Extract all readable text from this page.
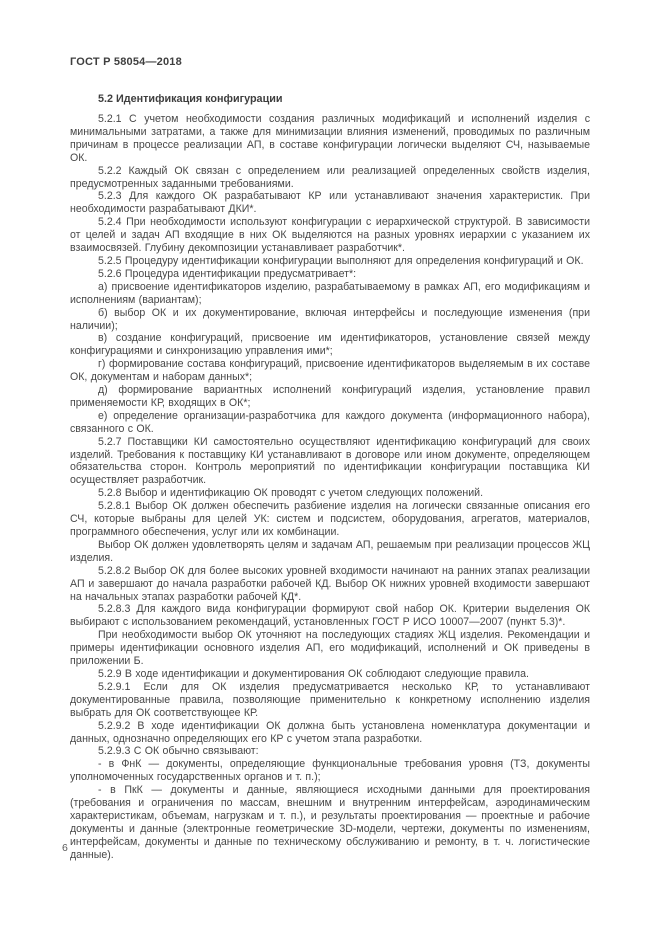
ГОСТ Р 58054—2018
5.2 Идентификация конфигурации

5.2.1 С учетом необходимости создания различных модификаций и исполнений изделия с минимальными затратами, а также для минимизации влияния изменений, проводимых по различным причинам в процессе реализации АП, в составе конфигурации логически выделяют СЧ, называемые ОК.

5.2.2 Каждый ОК связан с определением или реализацией определенных свойств изделия, предусмотренных заданными требованиями.

5.2.3 Для каждого ОК разрабатывают КР или устанавливают значения характеристик. При необходимости разрабатывают ДКИ*.

5.2.4 При необходимости используют конфигурации с иерархической структурой. В зависимости от целей и задач АП входящие в них ОК выделяются на разных уровнях иерархии с указанием их взаимосвязей. Глубину декомпозиции устанавливает разработчик*.

5.2.5 Процедуру идентификации конфигурации выполняют для определения конфигураций и ОК.

5.2.6 Процедура идентификации предусматривает*:

а) присвоение идентификаторов изделию, разрабатываемому в рамках АП, его модификациям и исполнениям (вариантам);

б) выбор ОК и их документирование, включая интерфейсы и последующие изменения (при наличии);

в) создание конфигураций, присвоение им идентификаторов, установление связей между конфигурациями и синхронизацию управления ими*;

г) формирование состава конфигураций, присвоение идентификаторов выделяемым в их составе ОК, документам и наборам данных*;

д) формирование вариантных исполнений конфигураций изделия, установление правил применяемости КР, входящих в ОК*;

е) определение организации-разработчика для каждого документа (информационного набора), связанного с ОК.

5.2.7 Поставщики КИ самостоятельно осуществляют идентификацию конфигураций для своих изделий. Требования к поставщику КИ устанавливают в договоре или ином документе, определяющем обязательства сторон. Контроль мероприятий по идентификации конфигурации поставщика КИ осуществляет разработчик.

5.2.8 Выбор и идентификацию ОК проводят с учетом следующих положений.

5.2.8.1 Выбор ОК должен обеспечить разбиение изделия на логически связанные описания его СЧ, которые выбраны для целей УК: систем и подсистем, оборудования, агрегатов, материалов, программного обеспечения, услуг или их комбинации.

Выбор ОК должен удовлетворять целям и задачам АП, решаемым при реализации процессов ЖЦ изделия.

5.2.8.2 Выбор ОК для более высоких уровней входимости начинают на ранних этапах реализации АП и завершают до начала разработки рабочей КД. Выбор ОК нижних уровней входимости завершают на начальных этапах разработки рабочей КД*.

5.2.8.3 Для каждого вида конфигурации формируют свой набор ОК. Критерии выделения ОК выбирают с использованием рекомендаций, установленных ГОСТ Р ИСО 10007—2007 (пункт 5.3)*.

При необходимости выбор ОК уточняют на последующих стадиях ЖЦ изделия. Рекомендации и примеры идентификации основного изделия АП, его модификаций, исполнений и ОК приведены в приложении Б.

5.2.9 В ходе идентификации и документирования ОК соблюдают следующие правила.

5.2.9.1 Если для ОК изделия предусматривается несколько КР, то устанавливают документированные правила, позволяющие применительно к конкретному исполнению изделия выбрать для ОК соответствующее КР.

5.2.9.2 В ходе идентификации ОК должна быть установлена номенклатура документации и данных, однозначно определяющих его КР с учетом этапа разработки.

5.2.9.3 С ОК обычно связывают:

- в ФнК — документы, определяющие функциональные требования уровня (ТЗ, документы уполномоченных государственных органов и т. п.);

- в ПкК — документы и данные, являющиеся исходными данными для проектирования (требования и ограничения по массам, внешним и внутренним интерфейсам, аэродинамическим характеристикам, объемам, нагрузкам и т. п.), и результаты проектирования — проектные и рабочие документы и данные (электронные геометрические 3D-модели, чертежи, документы по изменениям, интерфейсам, документы и данные по техническому обслуживанию и ремонту, в т. ч. логистические данные).

6
